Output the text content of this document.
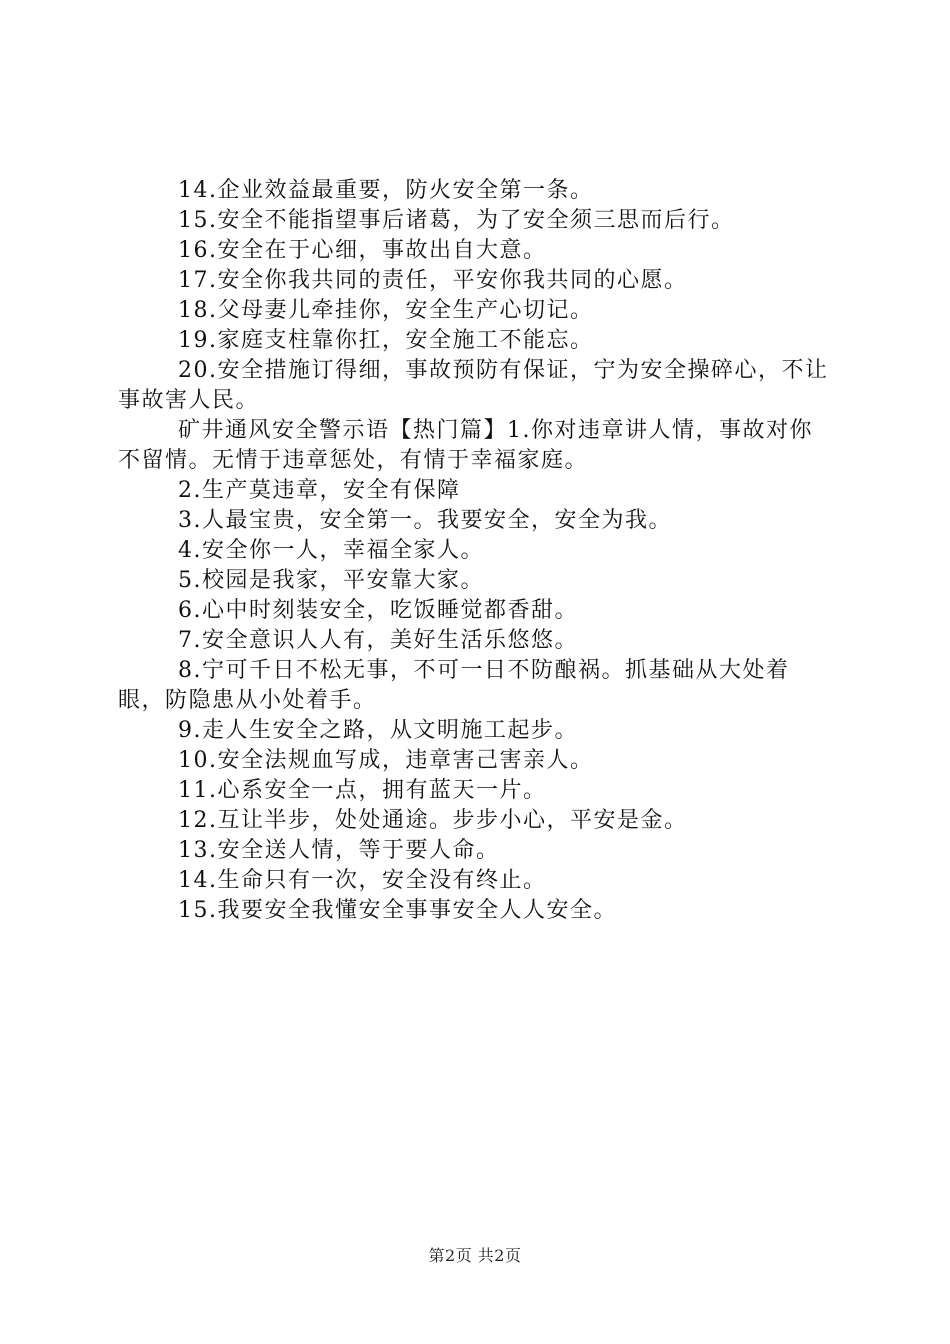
14.企业效益最重要，防火安全第一条。

15.安全不能指望事后诸葛，为了安全须三思而后行。

16.安全在于心细，事故出自大意。

17.安全你我共同的责任，平安你我共同的心愿。

18.父母妻儿牵挂你，安全生产心切记。

19.家庭支柱靠你扛，安全施工不能忘。

20.安全措施订得细，事故预防有保证，宁为安全操碎心，不让事故害人民。

矿井通风安全警示语【热门篇】1.你对违章讲人情，事故对你不留情。无情于违章惩处，有情于幸福家庭。

2.生产莫违章，安全有保障

3.人最宝贵，安全第一。我要安全，安全为我。

4.安全你一人，幸福全家人。

5.校园是我家，平安靠大家。

6.心中时刻装安全，吃饭睡觉都香甜。

7.安全意识人人有，美好生活乐悠悠。

8.宁可千日不松无事，不可一日不防酿祸。抓基础从大处着眼，防隐患从小处着手。

9.走人生安全之路，从文明施工起步。

10.安全法规血写成，违章害己害亲人。

11.心系安全一点，拥有蓝天一片。

12.互让半步，处处通途。步步小心，平安是金。

13.安全送人情，等于要人命。

14.生命只有一次，安全没有终止。

15.我要安全我懂安全事事安全人人安全。

第2页 共2页
